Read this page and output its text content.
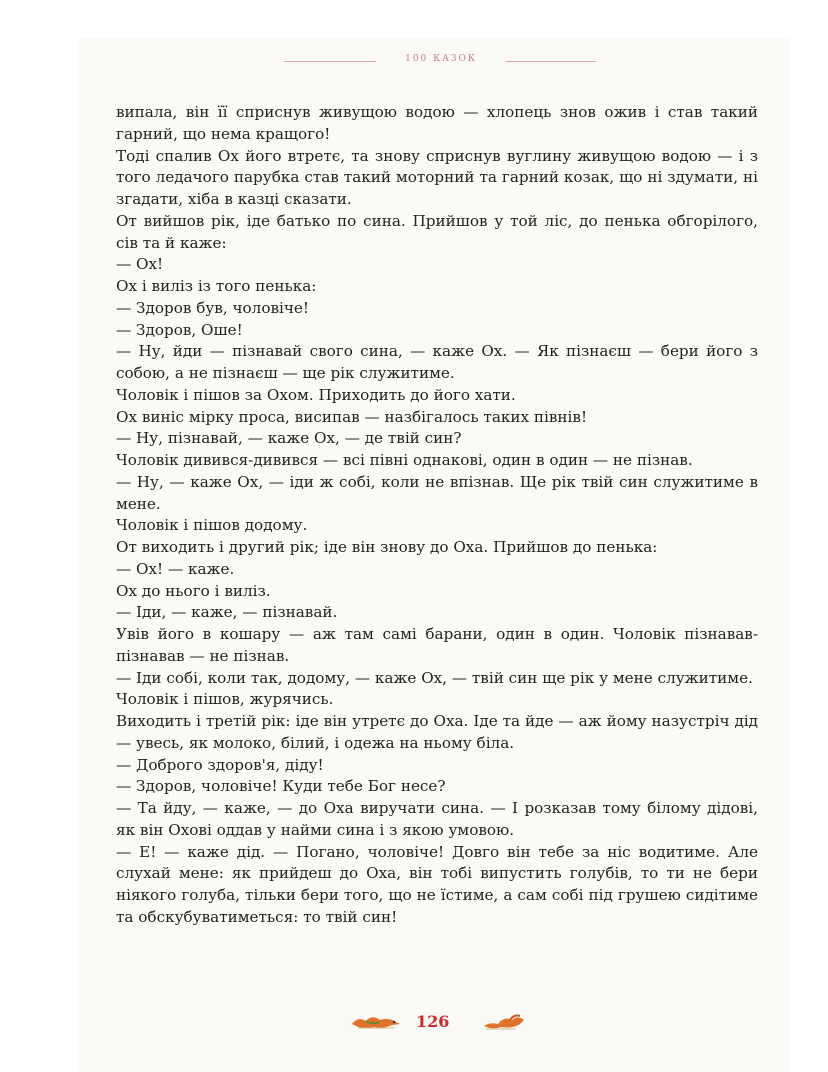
100 КАЗОК

випала, він її сприснув живущою водою — хлопець знов ожив і став такий гарний, що нема кращого!

Тоді спалив Ох його втретє, та знову сприснув вуглину живущою водою — і з того ледачого парубка став такий моторний та гарний козак, що ні здумати, ні згадати, хіба в казці сказати.

От вийшов рік, іде батько по сина. Прийшов у той ліс, до пенька обгорілого, сів та й каже:

— Ох!

Ох і виліз із того пенька:

— Здоров був, чоловіче!

— Здоров, Оше!

— Ну, йди — пізнавай свого сина, — каже Ох. — Як пізнаєш — бери його з собою, а не пізнаєш — ще рік служитиме.

Чоловік і пішов за Охом. Приходить до його хати.

Ох виніс мірку проса, висипав — назбігалось таких півнів!

— Ну, пізнавай, — каже Ох, — де твій син?

Чоловік дивився-дивився — всі півні однакові, один в один — не пізнав.

— Ну, — каже Ох, — іди ж собі, коли не впізнав. Ще рік твій син служитиме в мене.

Чоловік і пішов додому.

От виходить і другий рік; іде він знову до Оха. Прийшов до пенька:

— Ох! — каже.

Ох до нього і виліз.

— Іди, — каже, — пізнавай.

Увів його в кошару — аж там самі барани, один в один. Чоловік пізнавав-пізнавав — не пізнав.

— Іди собі, коли так, додому, — каже Ох, — твій син ще рік у мене служитиме.

Чоловік і пішов, журячись.

Виходить і третій рік: іде він утретє до Оха. Іде та йде — аж йому назустріч дід — увесь, як молоко, білий, і одежа на ньому біла.

— Доброго здоров'я, діду!

— Здоров, чоловіче! Куди тебе Бог несе?

— Та йду, — каже, — до Оха виручати сина. — І розказав тому білому дідові, як він Охові оддав у найми сина і з якою умовою.

— Е! — каже дід. — Погано, чоловіче! Довго він тебе за ніс водитиме. Але слухай мене: як прийдеш до Оха, він тобі випустить голубів, то ти не бери ніякого голуба, тільки бери того, що не їстиме, а сам собі під грушею сидітиме та обскубуватиметься: то твій син!

126
